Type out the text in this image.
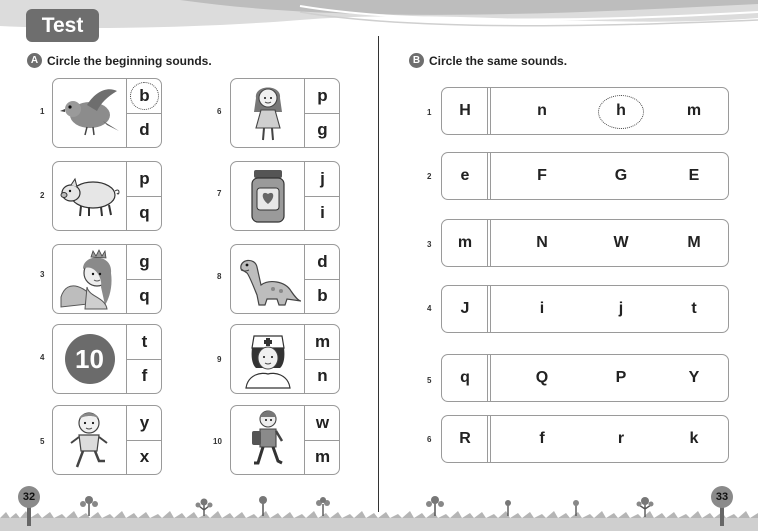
Test
A Circle the beginning sounds.
1
b
d
2
p
q
3
g
q
4	10
t
f
5
y
x
6
p
g
7
j
i
8
d
b
9
m
n
10
w
m
B Circle the same sounds.
1	H	n	h	m
2	e	F	G	E
3	m	N	W	M
4	J	i	j	t
5	q	Q	P	Y
6	R	f	r	k
32	33
